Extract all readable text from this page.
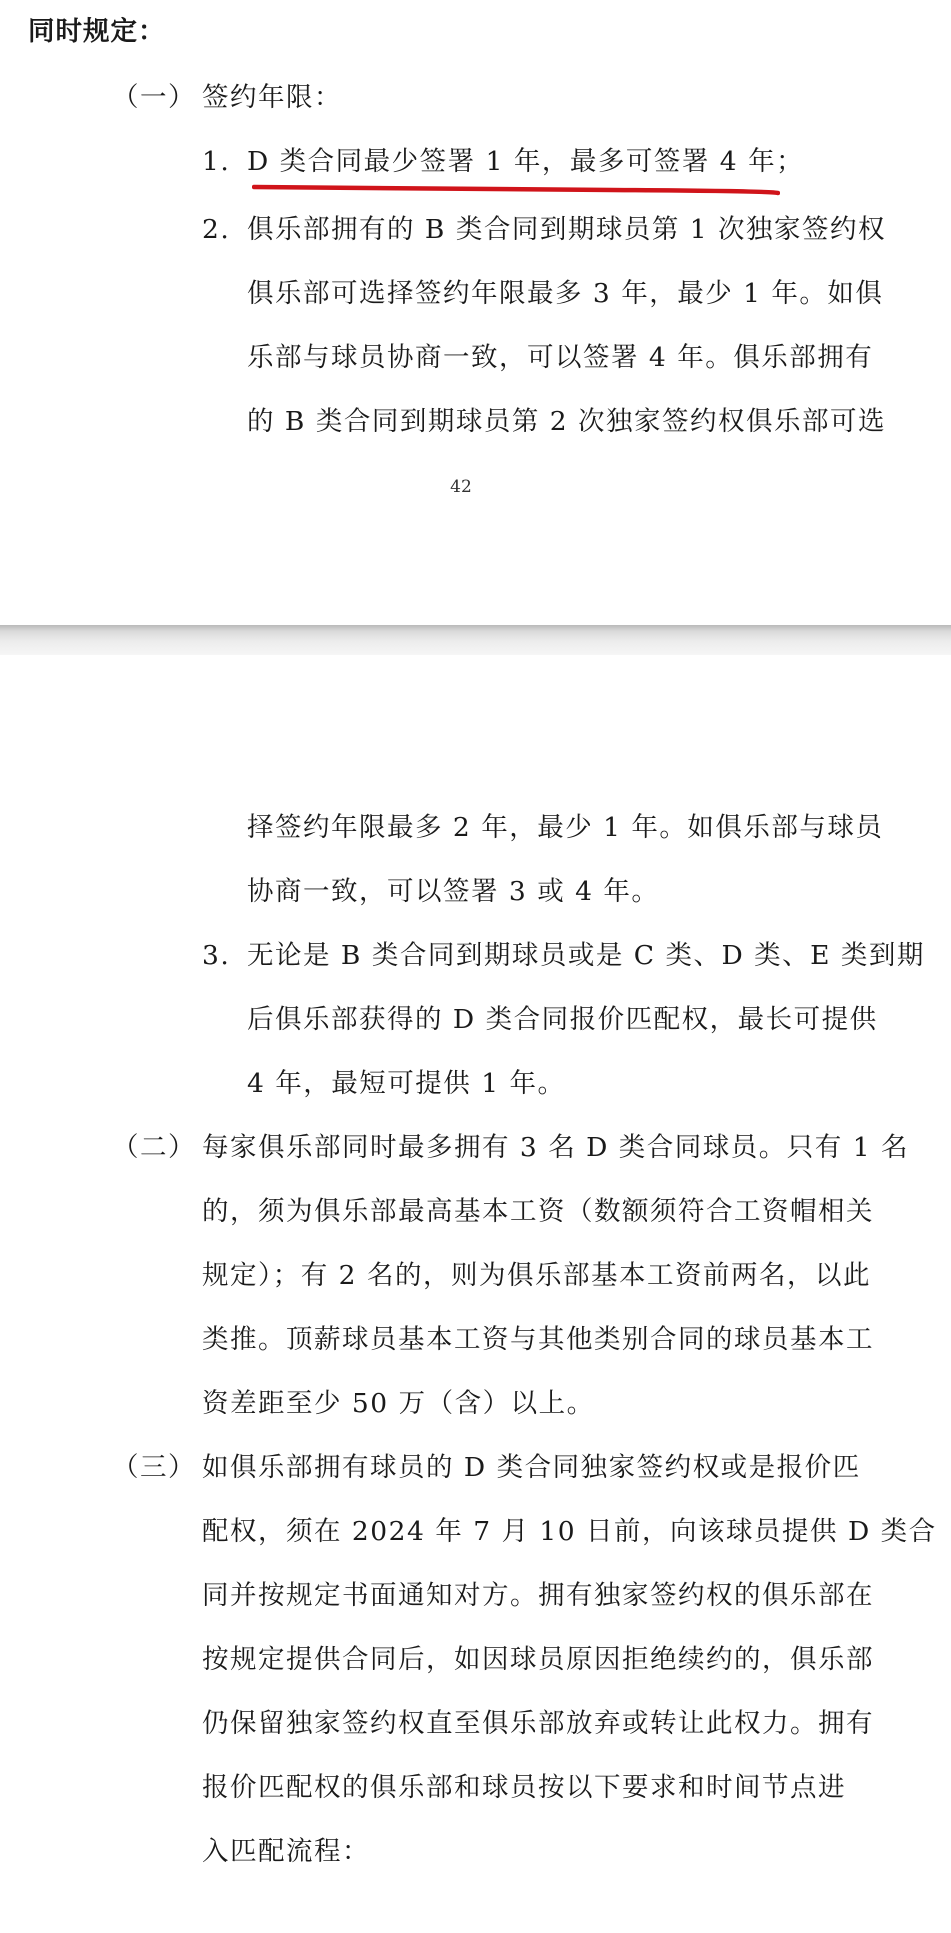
同时规定：
（一） 签约年限：
1. D 类合同最少签署 1 年，最多可签署 4 年；
2. 俱乐部拥有的 B 类合同到期球员第 1 次独家签约权
俱乐部可选择签约年限最多 3 年，最少 1 年。如俱
乐部与球员协商一致，可以签署 4 年。俱乐部拥有
的 B 类合同到期球员第 2 次独家签约权俱乐部可选
42
择签约年限最多 2 年，最少 1 年。如俱乐部与球员
协商一致，可以签署 3 或 4 年。
3. 无论是 B 类合同到期球员或是 C 类、D 类、E 类到期
后俱乐部获得的 D 类合同报价匹配权，最长可提供
4 年，最短可提供 1 年。
（二） 每家俱乐部同时最多拥有 3 名 D 类合同球员。只有 1 名
的，须为俱乐部最高基本工资（数额须符合工资帽相关
规定）；有 2 名的，则为俱乐部基本工资前两名，以此
类推。顶薪球员基本工资与其他类别合同的球员基本工
资差距至少 50 万（含）以上。
（三） 如俱乐部拥有球员的 D 类合同独家签约权或是报价匹
配权，须在 2024 年 7 月 10 日前，向该球员提供 D 类合
同并按规定书面通知对方。拥有独家签约权的俱乐部在
按规定提供合同后，如因球员原因拒绝续约的，俱乐部
仍保留独家签约权直至俱乐部放弃或转让此权力。拥有
报价匹配权的俱乐部和球员按以下要求和时间节点进
入匹配流程：
